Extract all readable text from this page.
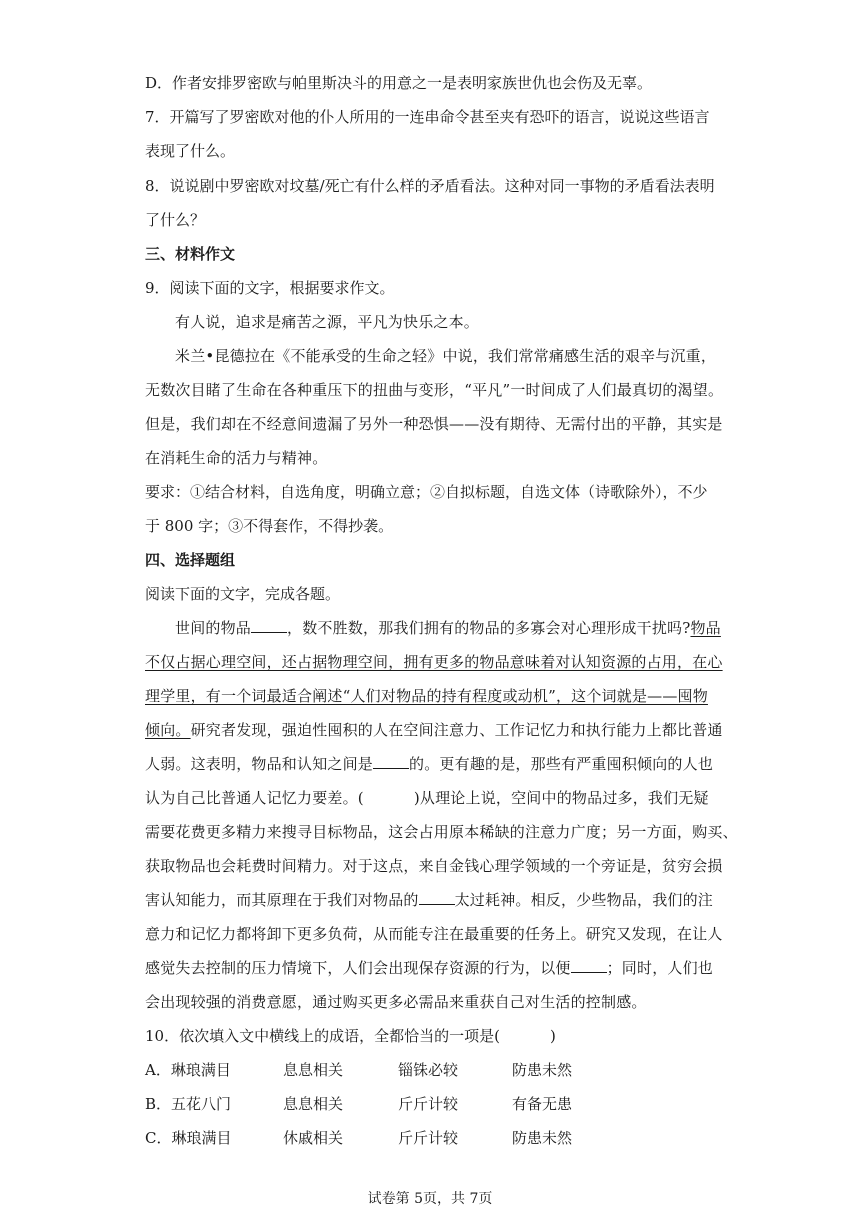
D．作者安排罗密欧与帕里斯决斗的用意之一是表明家族世仇也会伤及无辜。
7．开篇写了罗密欧对他的仆人所用的一连串命令甚至夹有恐吓的语言，说说这些语言
表现了什么。
8．说说剧中罗密欧对坟墓/死亡有什么样的矛盾看法。这种对同一事物的矛盾看法表明
了什么？
三、材料作文
9．阅读下面的文字，根据要求作文。
有人说，追求是痛苦之源，平凡为快乐之本。
米兰•昆德拉在《不能承受的生命之轻》中说，我们常常痛感生活的艰辛与沉重，
无数次目睹了生命在各种重压下的扭曲与变形，“平凡”一时间成了人们最真切的渴望。
但是，我们却在不经意间遗漏了另外一种恐惧——没有期待、无需付出的平静，其实是
在消耗生命的活力与精神。
要求：①结合材料，自选角度，明确立意；②自拟标题，自选文体（诗歌除外），不少
于 800 字；③不得套作，不得抄袭。
四、选择题组
阅读下面的文字，完成各题。
世间的物品 ，数不胜数，那我们拥有的物品的多寡会对心理形成干扰吗?物品
不仅占据心理空间，还占据物理空间，拥有更多的物品意味着对认知资源的占用，在心
理学里，有一个词最适合阐述“人们对物品的持有程度或动机”，这个词就是——囤物
倾向。研究者发现，强迫性囤积的人在空间注意力、工作记忆力和执行能力上都比普通
人弱。这表明，物品和认知之间是 的。更有趣的是，那些有严重囤积倾向的人也
认为自己比普通人记忆力要差。(	)从理论上说，空间中的物品过多，我们无疑
需要花费更多精力来搜寻目标物品，这会占用原本稀缺的注意力广度；另一方面，购买、
获取物品也会耗费时间精力。对于这点，来自金钱心理学领域的一个旁证是，贫穷会损
害认知能力，而其原理在于我们对物品的 太过耗神。相反，少些物品，我们的注
意力和记忆力都将卸下更多负荷，从而能专注在最重要的任务上。研究又发现，在让人
感觉失去控制的压力情境下，人们会出现保存资源的行为，以便 ；同时，人们也
会出现较强的消费意愿，通过购买更多必需品来重获自己对生活的控制感。
10．依次填入文中横线上的成语，全都恰当的一项是(	)
A．琳琅满目	息息相关	锱铢必较	防患未然
B．五花八门	息息相关	斤斤计较	有备无患
C．琳琅满目	休戚相关	斤斤计较	防患未然
试卷第 5页，共 7页
